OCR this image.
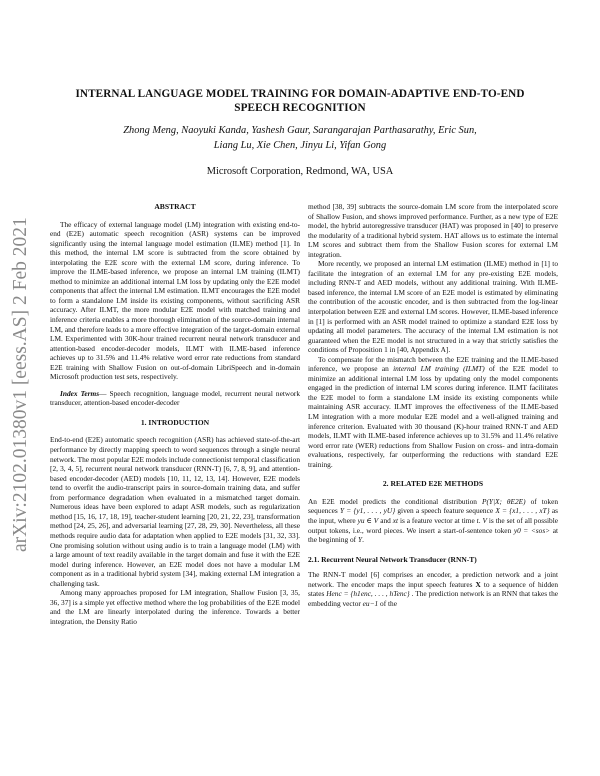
arXiv:2102.01380v1 [eess.AS] 2 Feb 2021
INTERNAL LANGUAGE MODEL TRAINING FOR DOMAIN-ADAPTIVE END-TO-END
SPEECH RECOGNITION
Zhong Meng, Naoyuki Kanda, Yashesh Gaur, Sarangarajan Parthasarathy, Eric Sun,
Liang Lu, Xie Chen, Jinyu Li, Yifan Gong
Microsoft Corporation, Redmond, WA, USA
ABSTRACT

The efficacy of external language model (LM) integration with existing end-to-end (E2E) automatic speech recognition (ASR) systems can be improved significantly using the internal language model estimation (ILME) method [1]. In this method, the internal LM score is subtracted from the score obtained by interpolating the E2E score with the external LM score, during inference. To improve the ILME-based inference, we propose an internal LM training (ILMT) method to minimize an additional internal LM loss by updating only the E2E model components that affect the internal LM estimation. ILMT encourages the E2E model to form a standalone LM inside its existing components, without sacrificing ASR accuracy. After ILMT, the more modular E2E model with matched training and inference criteria enables a more thorough elimination of the source-domain internal LM, and therefore leads to a more effective integration of the target-domain external LM. Experimented with 30K-hour trained recurrent neural network transducer and attention-based encoder-decoder models, ILMT with ILME-based inference achieves up to 31.5% and 11.4% relative word error rate reductions from standard E2E training with Shallow Fusion on out-of-domain LibriSpeech and in-domain Microsoft production test sets, respectively.

Index Terms— Speech recognition, language model, recurrent neural network transducer, attention-based encoder-decoder

1. INTRODUCTION

End-to-end (E2E) automatic speech recognition (ASR) has achieved state-of-the-art performance by directly mapping speech to word sequences through a single neural network. The most popular E2E models include connectionist temporal classification [2, 3, 4, 5], recurrent neural network transducer (RNN-T) [6, 7, 8, 9], and attention-based encoder-decoder (AED) models [10, 11, 12, 13, 14]. However, E2E models tend to overfit the audio-transcript pairs in source-domain training data, and suffer from performance degradation when evaluated in a mismatched target domain. Numerous ideas have been explored to adapt ASR models, such as regularization method [15, 16, 17, 18, 19], teacher-student learning [20, 21, 22, 23], transformation method [24, 25, 26], and adversarial learning [27, 28, 29, 30]. Nevertheless, all these methods require audio data for adaptation when applied to E2E models [31, 32, 33]. One promising solution without using audio is to train a language model (LM) with a large amount of text readily available in the target domain and fuse it with the E2E model during inference. However, an E2E model does not have a modular LM component as in a traditional hybrid system [34], making external LM integration a challenging task.

Among many approaches proposed for LM integration, Shallow Fusion [3, 35, 36, 37] is a simple yet effective method where the log probabilities of the E2E model and the LM are linearly interpolated during the inference. Towards a better integration, the Density Ratio

method [38, 39] subtracts the source-domain LM score from the interpolated score of Shallow Fusion, and shows improved performance. Further, as a new type of E2E model, the hybrid autoregressive transducer (HAT) was proposed in [40] to preserve the modularity of a traditional hybrid system. HAT allows us to estimate the internal LM scores and subtract them from the Shallow Fusion scores for external LM integration.

More recently, we proposed an internal LM estimation (ILME) method in [1] to facilitate the integration of an external LM for any pre-existing E2E models, including RNN-T and AED models, without any additional training. With ILME-based inference, the internal LM score of an E2E model is estimated by eliminating the contribution of the acoustic encoder, and is then subtracted from the log-linear interpolation between E2E and external LM scores. However, ILME-based inference in [1] is performed with an ASR model trained to optimize a standard E2E loss by updating all model parameters. The accuracy of the internal LM estimation is not guaranteed when the E2E model is not structured in a way that strictly satisfies the conditions of Proposition 1 in [40, Appendix A].

To compensate for the mismatch between the E2E training and the ILME-based inference, we propose an internal LM training (ILMT) of the E2E model to minimize an additional internal LM loss by updating only the model components engaged in the prediction of internal LM scores during inference. ILMT facilitates the E2E model to form a standalone LM inside its existing components while maintaining ASR accuracy. ILMT improves the effectiveness of the ILME-based LM integration with a more modular E2E model and a well-aligned training and inference criterion. Evaluated with 30 thousand (K)-hour trained RNN-T and AED models, ILMT with ILME-based inference achieves up to 31.5% and 11.4% relative word error rate (WER) reductions from Shallow Fusion on cross- and intra-domain evaluations, respectively, far outperforming the reductions with standard E2E training.

2. RELATED E2E METHODS

An E2E model predicts the conditional distribution P(Y|X; θE2E) of token sequences Y = {y1, . . . , yU} given a speech feature sequence X = {x1, . . . , xT} as the input, where yu ∈ V and xt is a feature vector at time t. V is the set of all possible output tokens, i.e., word pieces. We insert a start-of-sentence token y0 = <sos> at the beginning of Y.

2.1. Recurrent Neural Network Transducer (RNN-T)

The RNN-T model [6] comprises an encoder, a prediction network and a joint network. The encoder maps the input speech features X to a sequence of hidden states Henc = {h1enc, . . . , hTenc} . The prediction network is an RNN that takes the embedding vector eu−1 of the
